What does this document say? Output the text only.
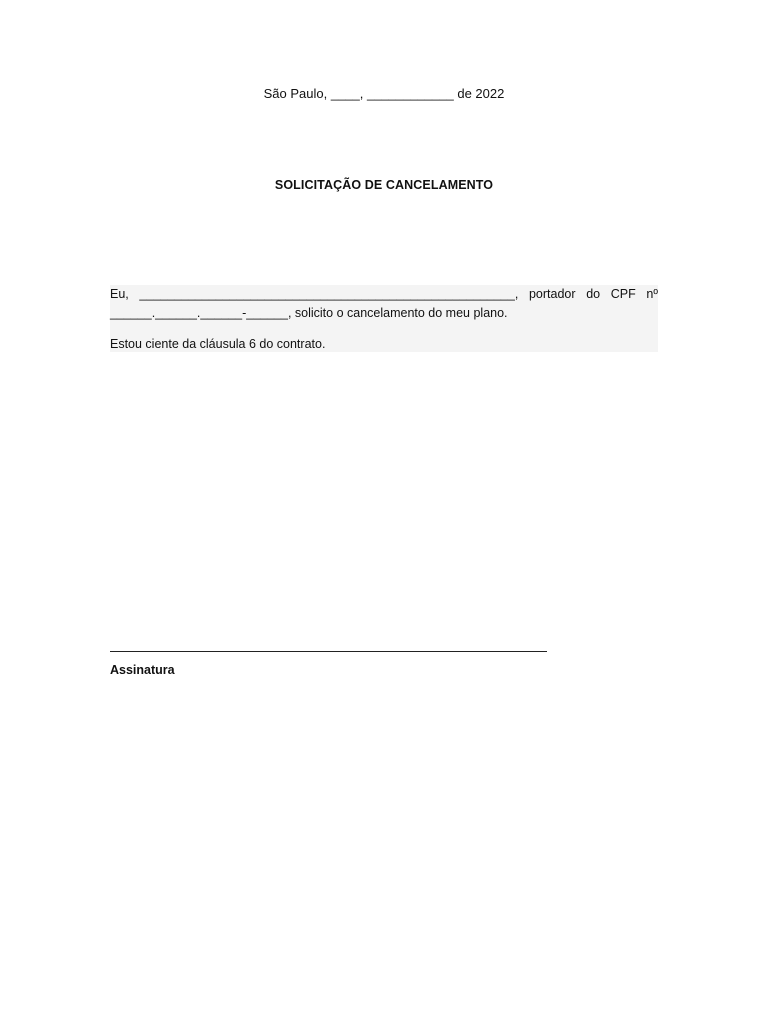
São Paulo, ____, ____________ de 2022
SOLICITAÇÃO DE CANCELAMENTO
Eu, ______________________________________________________, portador do CPF nº
______.______.______-______, solicito o cancelamento do meu plano.
Estou ciente da cláusula 6 do contrato.
Assinatura
